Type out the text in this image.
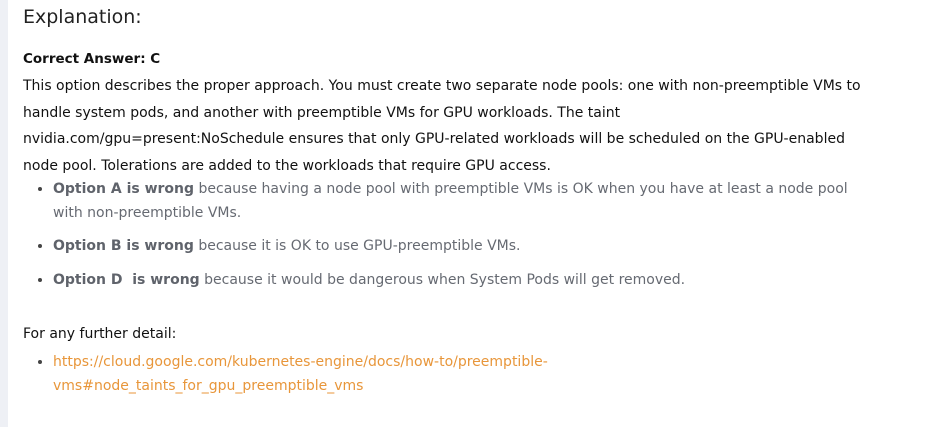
Explanation:
Correct Answer: C

This option describes the proper approach. You must create two separate node pools: one with non-preemptible VMs to handle system pods, and another with preemptible VMs for GPU workloads. The taint nvidia.com/gpu=present:NoSchedule ensures that only GPU-related workloads will be scheduled on the GPU-enabled node pool. Tolerations are added to the workloads that require GPU access.

• Option A is wrong because having a node pool with preemptible VMs is OK when you have at least a node pool with non-preemptible VMs.
• Option B is wrong because it is OK to use GPU-preemptible VMs.
• Option D  is wrong because it would be dangerous when System Pods will get removed.
For any further detail:
• https://cloud.google.com/kubernetes-engine/docs/how-to/preemptible-
vms#node_taints_for_gpu_preemptible_vms
